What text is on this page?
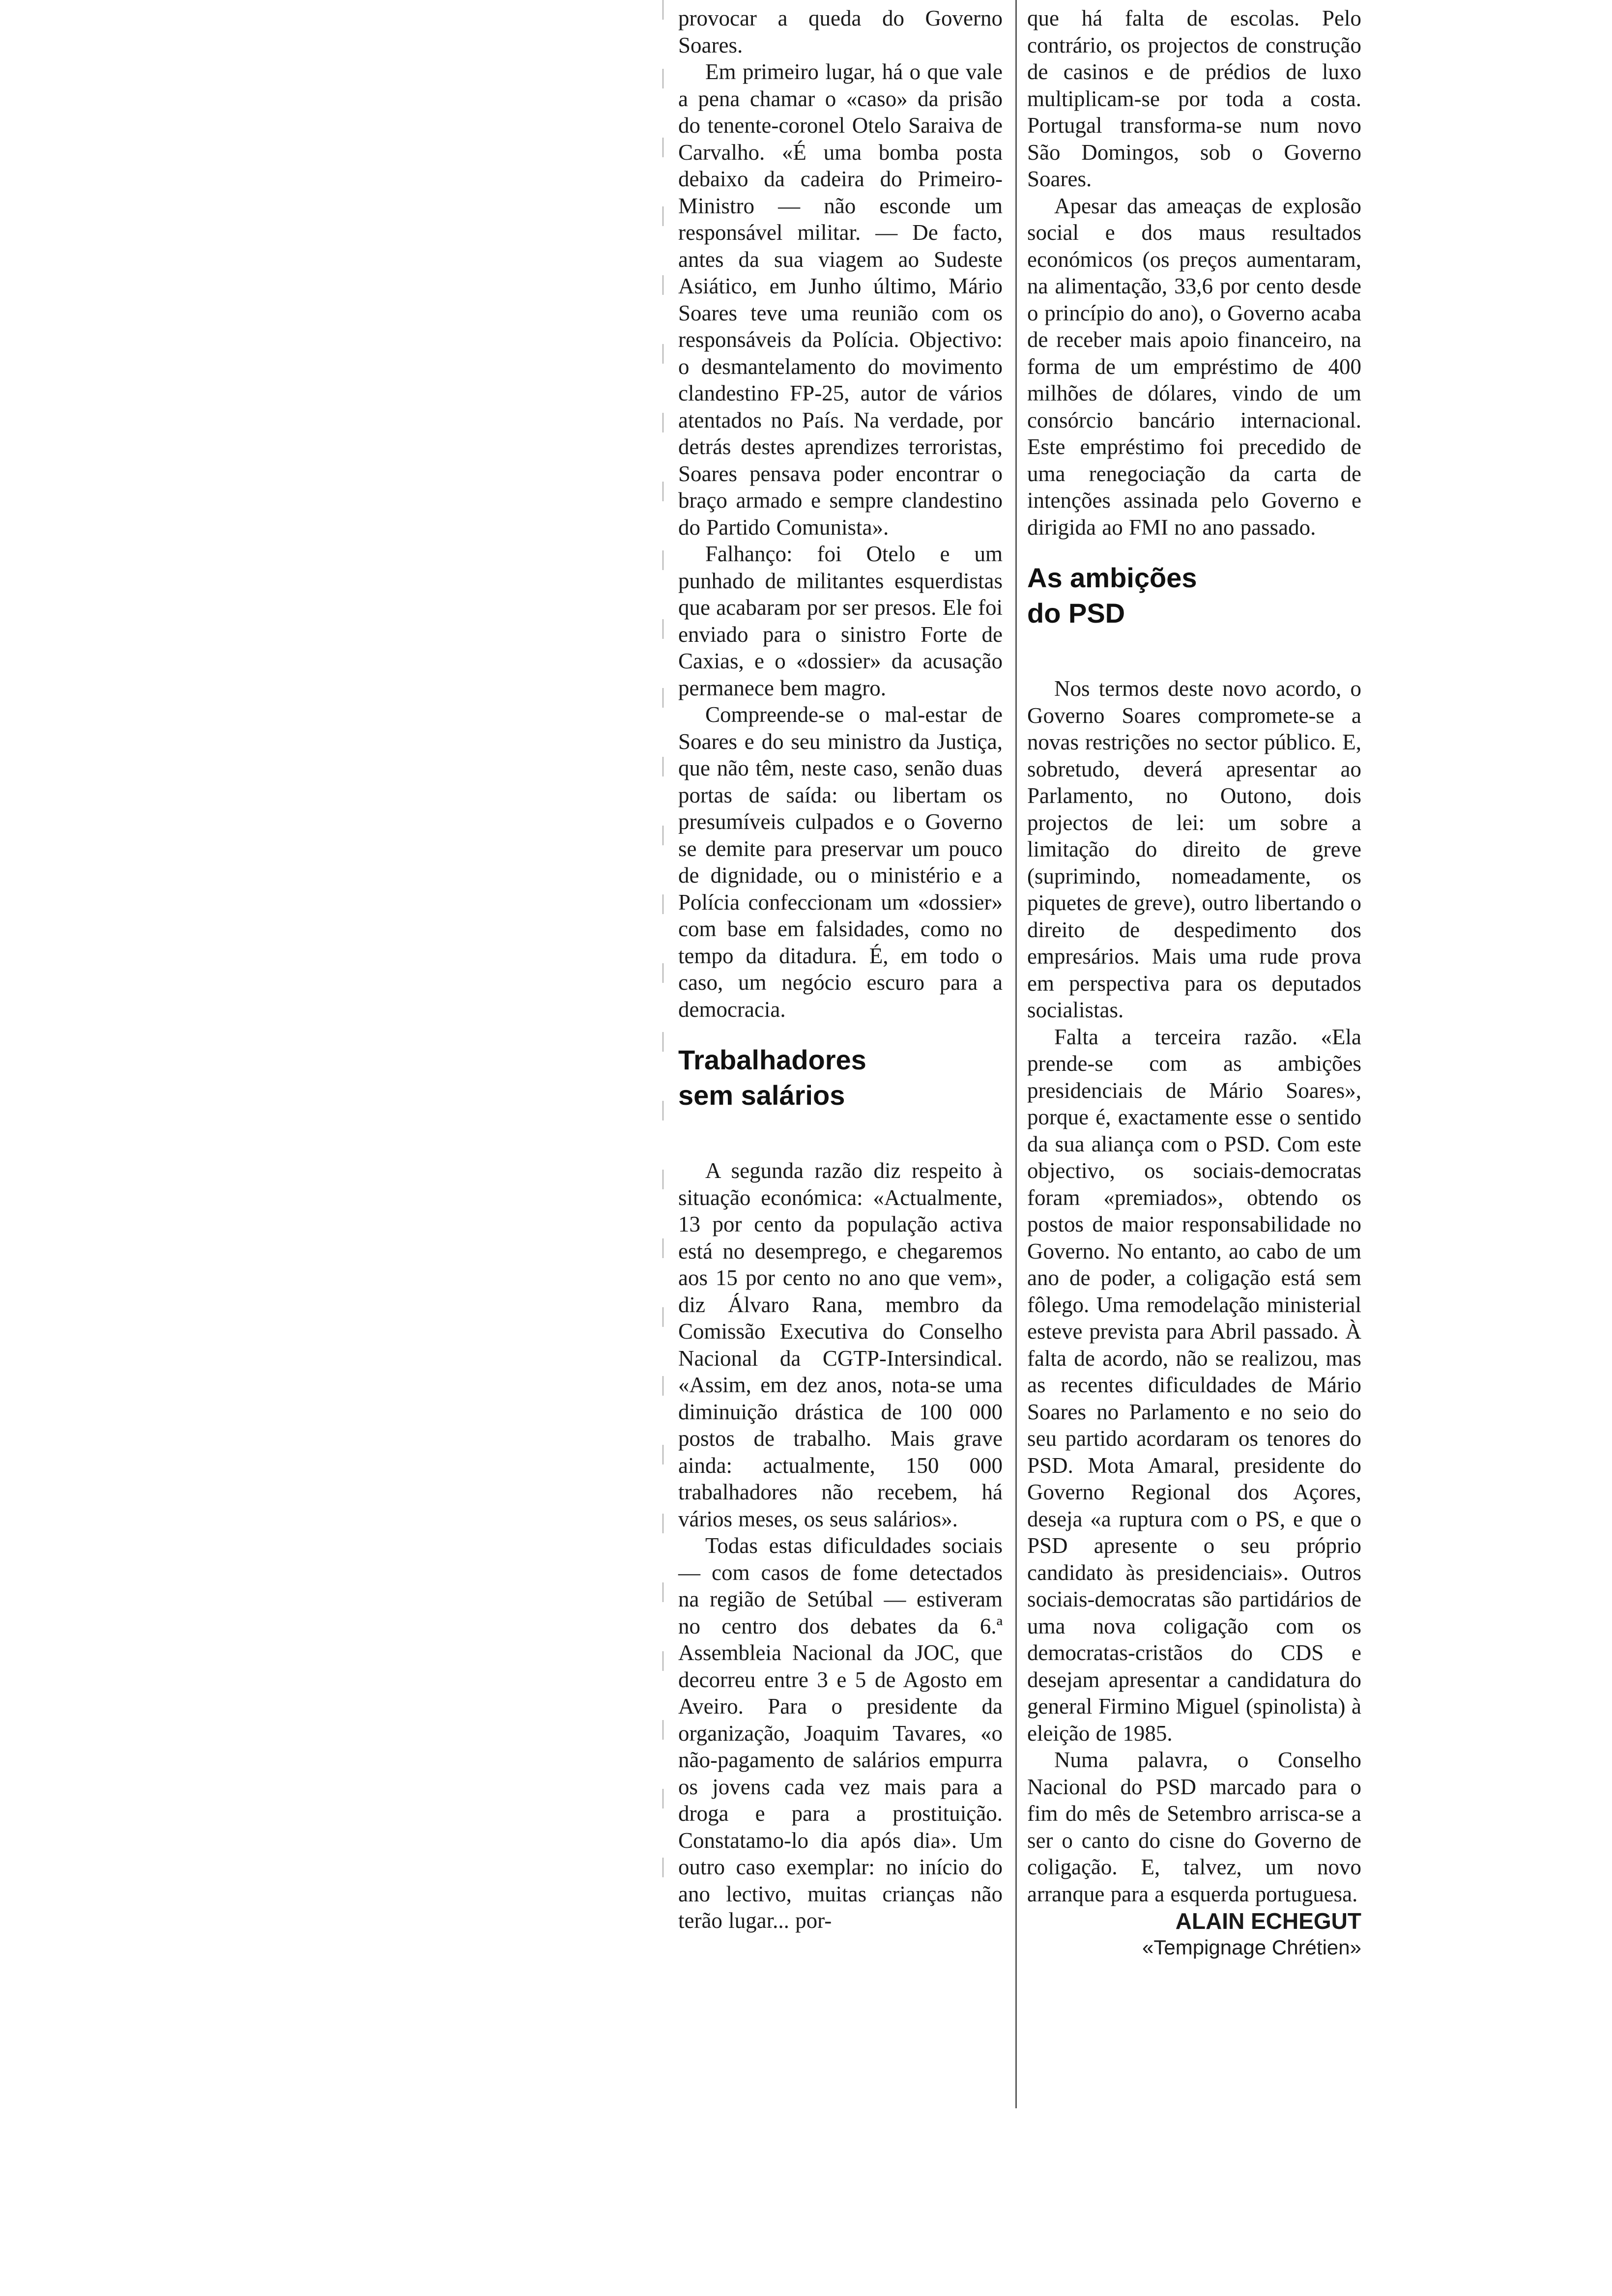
provocar a queda do Governo Soares.

Em primeiro lugar, há o que vale a pena chamar o «caso» da prisão do tenente-coronel Otelo Saraiva de Carvalho. «É uma bomba posta debaixo da cadeira do Primeiro-Ministro — não esconde um responsável militar. — De facto, antes da sua viagem ao Sudeste Asiático, em Junho último, Mário Soares teve uma reunião com os responsáveis da Polícia. Objectivo: o desmantelamento do movimento clandestino FP-25, autor de vários atentados no País. Na verdade, por detrás destes aprendizes terroristas, Soares pensava poder encontrar o braço armado e sempre clandestino do Partido Comunista».

Falhanço: foi Otelo e um punhado de militantes esquerdistas que acabaram por ser presos. Ele foi enviado para o sinistro Forte de Caxias, e o «dossier» da acusação permanece bem magro.

Compreende-se o mal-estar de Soares e do seu ministro da Justiça, que não têm, neste caso, senão duas portas de saída: ou libertam os presumíveis culpados e o Governo se demite para preservar um pouco de dignidade, ou o ministério e a Polícia confeccionam um «dossier» com base em falsidades, como no tempo da ditadura. É, em todo o caso, um negócio escuro para a democracia.

Trabalhadores

sem salários

A segunda razão diz respeito à situação económica: «Actualmente, 13 por cento da população activa está no desemprego, e chegaremos aos 15 por cento no ano que vem», diz Álvaro Rana, membro da Comissão Executiva do Conselho Nacional da CGTP-Intersindical. «Assim, em dez anos, nota-se uma diminuição drástica de 100 000 postos de trabalho. Mais grave ainda: actualmente, 150 000 trabalhadores não recebem, há vários meses, os seus salários».

Todas estas dificuldades sociais — com casos de fome detectados na região de Setúbal — estiveram no centro dos debates da 6.ª Assembleia Nacional da JOC, que decorreu entre 3 e 5 de Agosto em Aveiro. Para o presidente da organização, Joaquim Tavares, «o não-pagamento de salários empurra os jovens cada vez mais para a droga e para a prostituição. Constatamo-lo dia após dia». Um outro caso exemplar: no início do ano lectivo, muitas crianças não terão lugar... por-

que há falta de escolas. Pelo contrário, os projectos de construção de casinos e de prédios de luxo multiplicam-se por toda a costa. Portugal transforma-se num novo São Domingos, sob o Governo Soares.

Apesar das ameaças de explosão social e dos maus resultados económicos (os preços aumentaram, na alimentação, 33,6 por cento desde o princípio do ano), o Governo acaba de receber mais apoio financeiro, na forma de um empréstimo de 400 milhões de dólares, vindo de um consórcio bancário internacional. Este empréstimo foi precedido de uma renegociação da carta de intenções assinada pelo Governo e dirigida ao FMI no ano passado.

As ambições

do PSD

Nos termos deste novo acordo, o Governo Soares compromete-se a novas restrições no sector público. E, sobretudo, deverá apresentar ao Parlamento, no Outono, dois projectos de lei: um sobre a limitação do direito de greve (suprimindo, nomeadamente, os piquetes de greve), outro libertando o direito de despedimento dos empresários. Mais uma rude prova em perspectiva para os deputados socialistas.

Falta a terceira razão. «Ela prende-se com as ambições presidenciais de Mário Soares», porque é, exactamente esse o sentido da sua aliança com o PSD. Com este objectivo, os sociais-democratas foram «premiados», obtendo os postos de maior responsabilidade no Governo. No entanto, ao cabo de um ano de poder, a coligação está sem fôlego. Uma remodelação ministerial esteve prevista para Abril passado. À falta de acordo, não se realizou, mas as recentes dificuldades de Mário Soares no Parlamento e no seio do seu partido acordaram os tenores do PSD. Mota Amaral, presidente do Governo Regional dos Açores, deseja «a ruptura com o PS, e que o PSD apresente o seu próprio candidato às presidenciais». Outros sociais-democratas são partidários de uma nova coligação com os democratas-cristãos do CDS e desejam apresentar a candidatura do general Firmino Miguel (spinolista) à eleição de 1985.

Numa palavra, o Conselho Nacional do PSD marcado para o fim do mês de Setembro arrisca-se a ser o canto do cisne do Governo de coligação. E, talvez, um novo arranque para a esquerda portuguesa.

ALAIN ECHEGUT

«Tempignage Chrétien»
